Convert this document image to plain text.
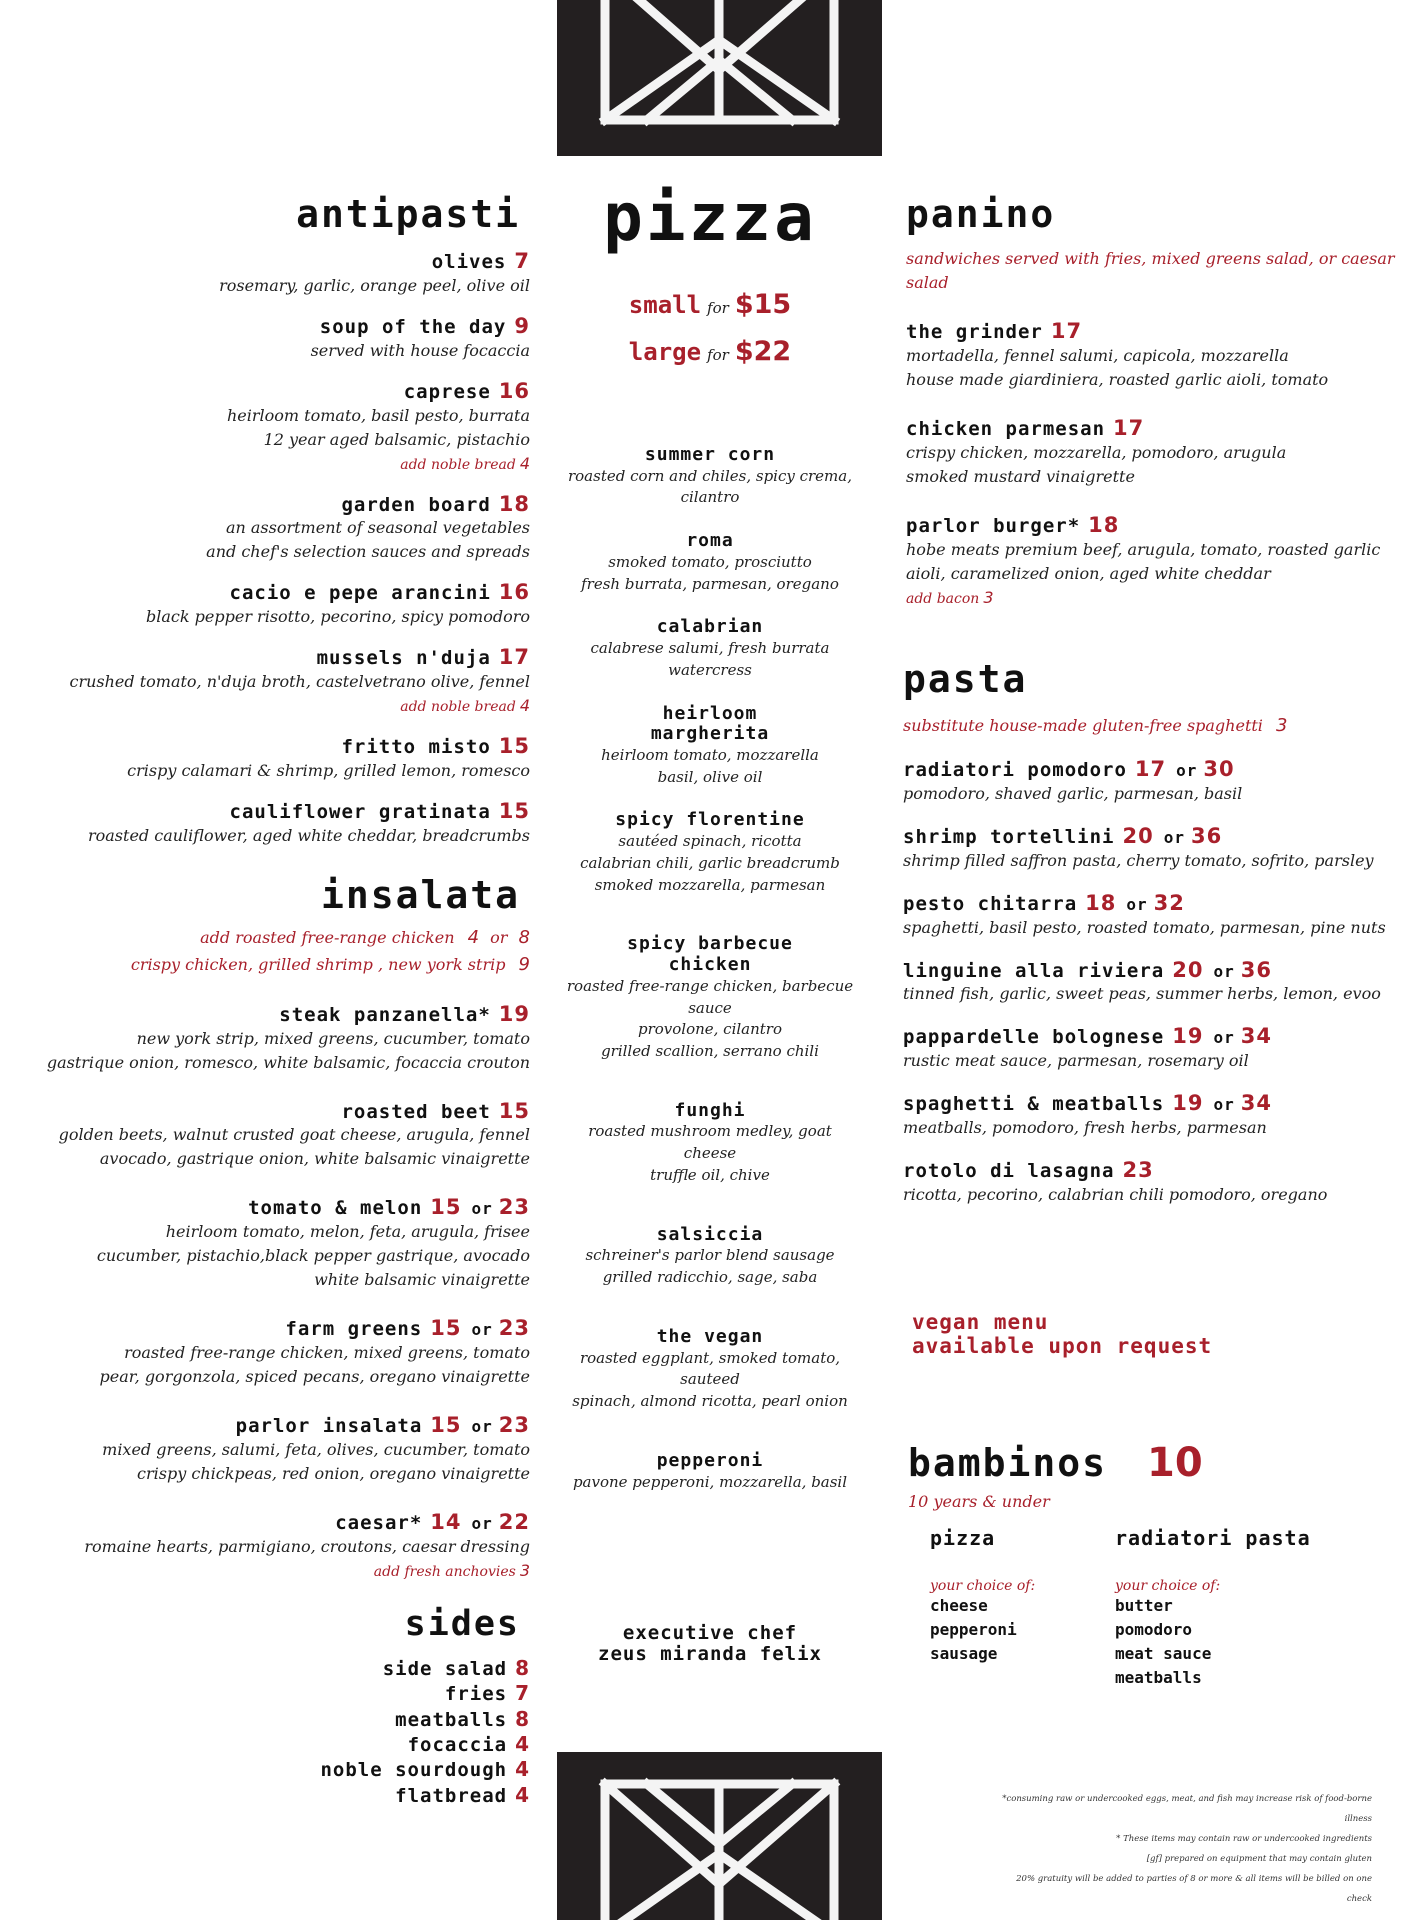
antipasti
olives 7
rosemary, garlic, orange peel, olive oil
soup of the day 9
served with house focaccia
caprese 16
heirloom tomato, basil pesto, burrata
12 year aged balsamic, pistachio
add noble bread 4
garden board 18
an assortment of seasonal vegetables
and chef's selection sauces and spreads
cacio e pepe arancini 16
black pepper risotto, pecorino, spicy pomodoro
mussels n'duja 17
crushed tomato, n'duja broth, castelvetrano olive, fennel
add noble bread 4
fritto misto 15
crispy calamari & shrimp, grilled lemon, romesco
cauliflower gratinata 15
roasted cauliflower, aged white cheddar, breadcrumbs
insalata
add roasted free-range chicken 4 or 8
crispy chicken, grilled shrimp , new york strip 9
steak panzanella* 19
new york strip, mixed greens, cucumber, tomato
gastrique onion, romesco, white balsamic, focaccia crouton
roasted beet 15
golden beets, walnut crusted goat cheese, arugula, fennel
avocado, gastrique onion, white balsamic vinaigrette
tomato & melon 15 or 23
heirloom tomato, melon, feta, arugula, frisee
cucumber, pistachio,black pepper gastrique, avocado
white balsamic vinaigrette
farm greens 15 or 23
roasted free-range chicken, mixed greens, tomato
pear, gorgonzola, spiced pecans, oregano vinaigrette
parlor insalata 15 or 23
mixed greens, salumi, feta, olives, cucumber, tomato
crispy chickpeas, red onion, oregano vinaigrette
caesar* 14 or 22
romaine hearts, parmigiano, croutons, caesar dressing
add fresh anchovies 3
sides
side salad 8
fries 7
meatballs 8
focaccia 4
noble sourdough 4
flatbread 4
pizza
small for $15
large for $22
summer corn
roasted corn and chiles, spicy crema,
cilantro
roma
smoked tomato, prosciutto
fresh burrata, parmesan, oregano
calabrian
calabrese salumi, fresh burrata
watercress
heirloom
margherita
heirloom tomato, mozzarella
basil, olive oil
spicy florentine
sautéed spinach, ricotta
calabrian chili, garlic breadcrumb
smoked mozzarella, parmesan
spicy barbecue
chicken
roasted free-range chicken, barbecue sauce
provolone, cilantro
grilled scallion, serrano chili
funghi
roasted mushroom medley, goat cheese
truffle oil, chive
salsiccia
schreiner's parlor blend sausage
grilled radicchio, sage, saba
the vegan
roasted eggplant, smoked tomato, sauteed
spinach, almond ricotta, pearl onion
pepperoni
pavone pepperoni, mozzarella, basil
executive chef
zeus miranda felix
panino
sandwiches served with fries, mixed greens salad, or caesar salad
the grinder 17
mortadella, fennel salumi, capicola, mozzarella
house made giardiniera, roasted garlic aioli, tomato
chicken parmesan 17
crispy chicken, mozzarella, pomodoro, arugula
smoked mustard vinaigrette
parlor burger* 18
hobe meats premium beef, arugula, tomato, roasted garlic
aioli, caramelized onion, aged white cheddar
add bacon 3
pasta
substitute house-made gluten-free spaghetti 3
radiatori pomodoro 17 or 30
pomodoro, shaved garlic, parmesan, basil
shrimp tortellini 20 or 36
shrimp filled saffron pasta, cherry tomato, sofrito, parsley
pesto chitarra 18 or 32
spaghetti, basil pesto, roasted tomato, parmesan, pine nuts
linguine alla riviera 20 or 36
tinned fish, garlic, sweet peas, summer herbs, lemon, evoo
pappardelle bolognese 19 or 34
rustic meat sauce, parmesan, rosemary oil
spaghetti & meatballs 19 or 34
meatballs, pomodoro, fresh herbs, parmesan
rotolo di lasagna 23
ricotta, pecorino, calabrian chili pomodoro, oregano
vegan menu
available upon request
bambinos 10
10 years & under
pizza
your choice of:
cheese
pepperoni
sausage
radiatori pasta
your choice of:
butter
pomodoro
meat sauce
meatballs
*consuming raw or undercooked eggs, meat, and fish may increase risk of food-borne illness
* These items may contain raw or undercooked ingredients
[gf] prepared on equipment that may contain gluten
20% gratuity will be added to parties of 8 or more & all items will be billed on one check
